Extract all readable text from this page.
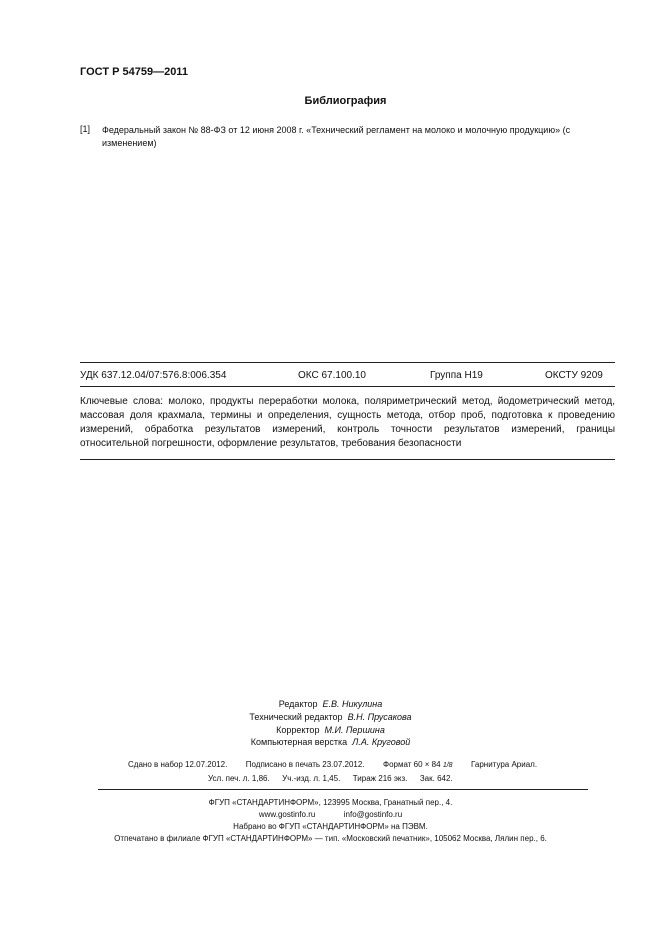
ГОСТ Р 54759—2011
Библиография
[1] Федеральный закон № 88-ФЗ от 12 июня 2008 г. «Технический регламент на молоко и молочную продукцию» (с изменением)
УДК 637.12.04/07:576.8:006.354	ОКС 67.100.10	Группа Н19	ОКСТУ 9209
Ключевые слова: молоко, продукты переработки молока, поляриметрический метод, йодометрический метод, массовая доля крахмала, термины и определения, сущность метода, отбор проб, подготовка к проведению измерений, обработка результатов измерений, контроль точности результатов измерений, границы относительной погрешности, оформление результатов, требования безопасности
Редактор Е.В. Никулина
Технический редактор В.Н. Прусакова
Корректор М.И. Першина
Компьютерная верстка Л.А. Круговой
Сдано в набор 12.07.2012. Подписано в печать 23.07.2012. Формат 60 × 84 1/8 Гарнитура Ариал.
Усл. печ. л. 1,86. Уч.-изд. л. 1,45. Тираж 216 экз. Зак. 642.
ФГУП «СТАНДАРТИНФОРМ», 123995 Москва, Гранатный пер., 4.
www.gostinfo.ru	info@gostinfo.ru
Набрано во ФГУП «СТАНДАРТИНФОРМ» на ПЭВМ.
Отпечатано в филиале ФГУП «СТАНДАРТИНФОРМ» — тип. «Московский печатник», 105062 Москва, Лялин пер., 6.
